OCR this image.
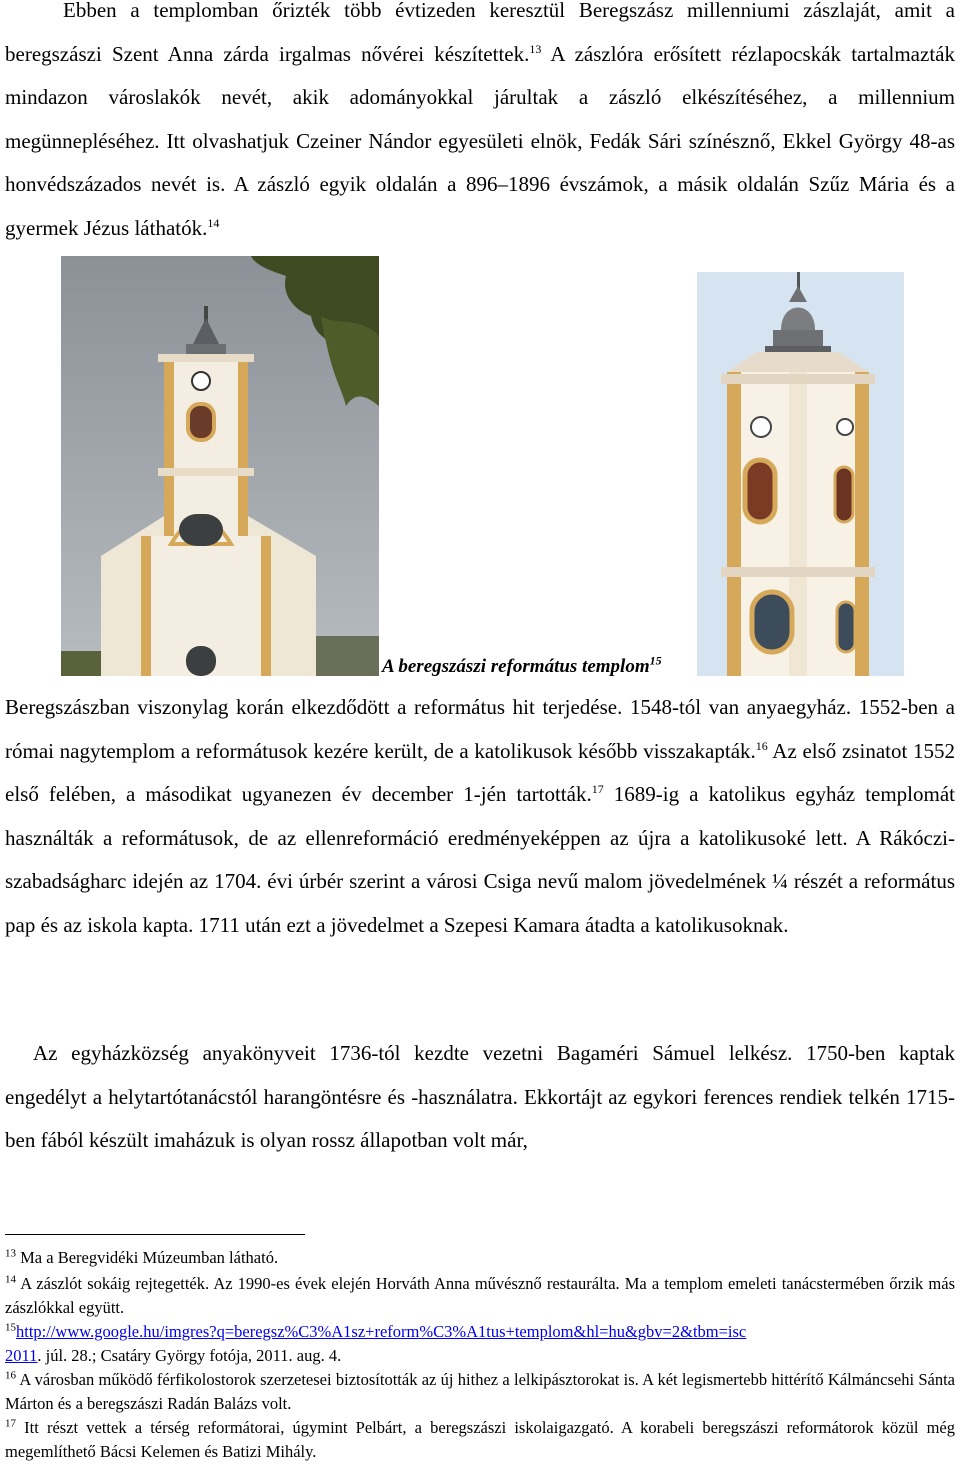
Ebben a templomban őrizték több évtizeden keresztül Beregszász millenniumi zászlaját, amit a beregszászi Szent Anna zárda irgalmas nővérei készítettek.$^{13}$ A zászlóra erősített rézlapocskák tartalmazták mindazon városlakók nevét, akik adományokkal járultak a zászló elkészítéséhez, a millennium megünnepléséhez. Itt olvashatjuk Czeiner Nándor egyesületi elnök, Fedák Sári színésznő, Ekkel György 48-as honvédszázados nevét is. A zászló egyik oldalán a 896–1896 évszámok, a másik oldalán Szűz Mária és a gyermek Jézus láthatók.$^{14}$

A beregszászi református templom$^{15}$

Beregszászban viszonylag korán elkezdődött a református hit terjedése. 1548-tól van anyaegyház. 1552-ben a római nagytemplom a reformátusok kezére került, de a katolikusok később visszakapták.$^{16}$ Az első zsinatot 1552 első felében, a másodikat ugyanezen év december 1-jén tartották.$^{17}$ 1689-ig a katolikus egyház templomát használták a reformátusok, de az ellenreformáció eredményeképpen az újra a katolikusoké lett. A Rákóczi-szabadságharc idején az 1704. évi úrbér szerint a városi Csiga nevű malom jövedelmének ¼ részét a református pap és az iskola kapta. 1711 után ezt a jövedelmet a Szepesi Kamara átadta a katolikusoknak.

Az egyházközség anyakönyveit 1736-tól kezdte vezetni Bagaméri Sámuel lelkész. 1750-ben kaptak engedélyt a helytartótanácstól harangöntésre és -használatra. Ekkortájt az egykori ferences rendiek telkén 1715-ben fából készült imaházuk is olyan rossz állapotban volt már,

$^{13}$ Ma a Beregvidéki Múzeumban látható.

$^{14}$ A zászlót sokáig rejtegették. Az 1990-es évek elején Horváth Anna művésznő restaurálta. Ma a templom emeleti tanácstermében őrzik más zászlókkal együtt.

$^{15}$http://www.google.hu/imgres?q=beregsz%C3%A1sz+reform%C3%A1tus+templom&hl=hu&gbv=2&tbm=isc
2011. júl. 28.; Csatáry György fotója, 2011. aug. 4.

$^{16}$ A városban működő férfikolostorok szerzetesei biztosították az új hithez a lelkipásztorokat is. A két legismertebb hittérítő Kálmáncsehi Sánta Márton és a beregszászi Radán Balázs volt.

$^{17}$ Itt részt vettek a térség reformátorai, úgymint Pelbárt, a beregszászi iskolaigazgató. A korabeli beregszászi reformátorok közül még megemlíthető Bácsi Kelemen és Batizi Mihály.
